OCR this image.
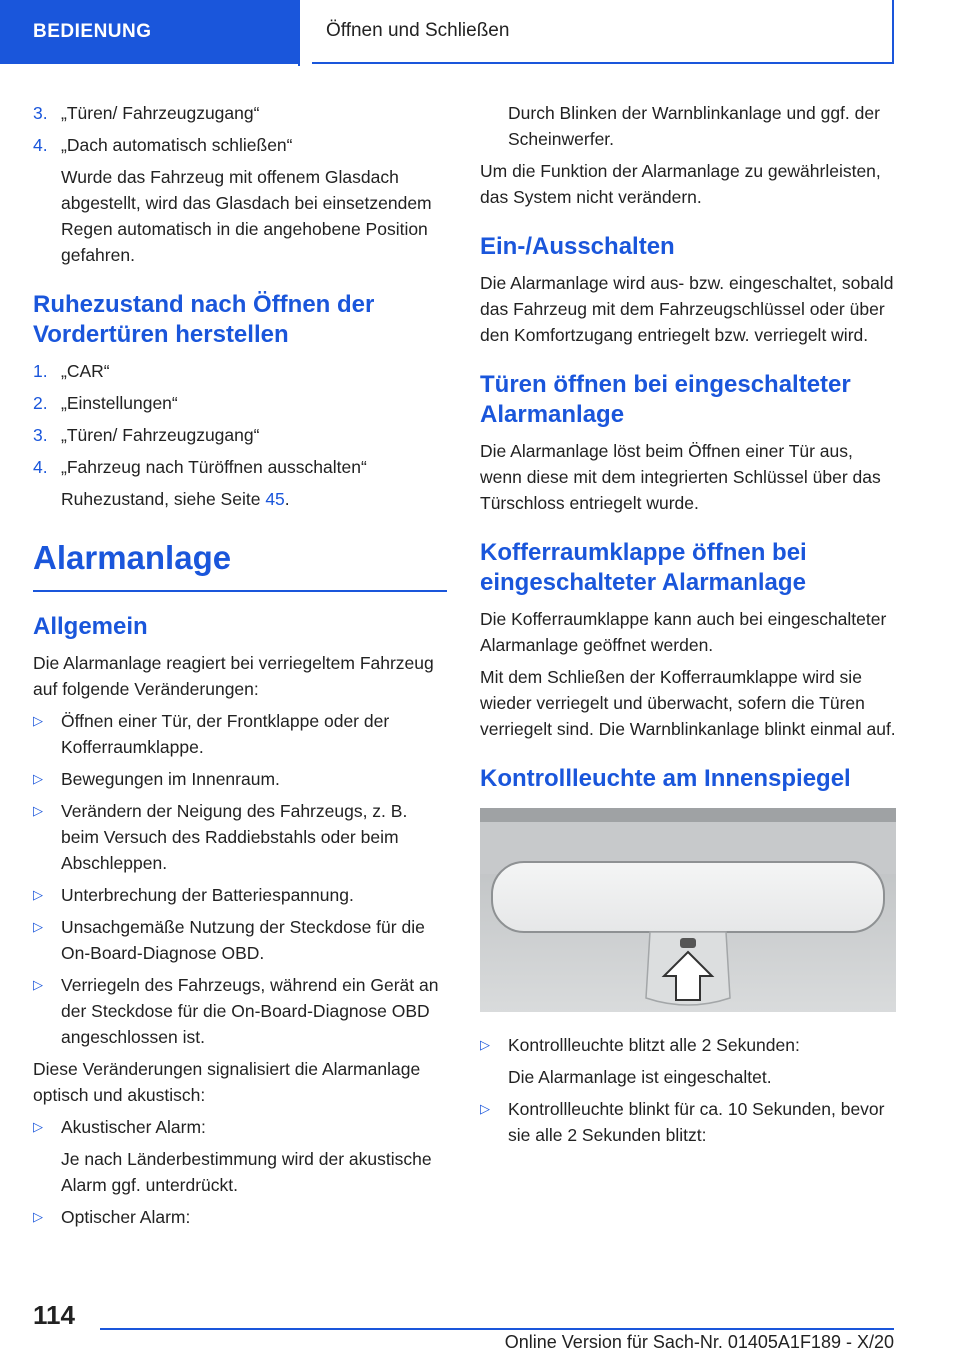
BEDIENUNG	Öffnen und Schließen
3. „Türen/ Fahrzeugzugang“
4. „Dach automatisch schließen“
Wurde das Fahrzeug mit offenem Glasdach abgestellt, wird das Glasdach bei einsetzendem Regen automatisch in die angehobene Position gefahren.
Ruhezustand nach Öffnen der Vordertüren herstellen
1. „CAR“
2. „Einstellungen“
3. „Türen/ Fahrzeugzugang“
4. „Fahrzeug nach Türöffnen ausschalten“
Ruhezustand, siehe Seite 45.
Alarmanlage
Allgemein

Die Alarmanlage reagiert bei verriegeltem Fahrzeug auf folgende Veränderungen:

▷	Öffnen einer Tür, der Frontklappe oder der Kofferraumklappe.
▷	Bewegungen im Innenraum.
▷	Verändern der Neigung des Fahrzeugs, z. B. beim Versuch des Raddiebstahls oder beim Abschleppen.
▷	Unterbrechung der Batteriespannung.
▷	Unsachgemäße Nutzung der Steckdose für die On-Board-Diagnose OBD.
▷	Verriegeln des Fahrzeugs, während ein Gerät an der Steckdose für die On-Board-Diagnose OBD angeschlossen ist.

Diese Veränderungen signalisiert die Alarmanlage optisch und akustisch:

▷	Akustischer Alarm:
Je nach Länderbestimmung wird der akustische Alarm ggf. unterdrückt.
▷	Optischer Alarm:
Durch Blinken der Warnblinkanlage und ggf. der Scheinwerfer.

Um die Funktion der Alarmanlage zu gewährleisten, das System nicht verändern.

Ein-/Ausschalten

Die Alarmanlage wird aus- bzw. eingeschaltet, sobald das Fahrzeug mit dem Fahrzeugschlüssel oder über den Komfortzugang entriegelt bzw. verriegelt wird.

Türen öffnen bei eingeschalteter Alarmanlage

Die Alarmanlage löst beim Öffnen einer Tür aus, wenn diese mit dem integrierten Schlüssel über das Türschloss entriegelt wurde.

Kofferraumklappe öffnen bei eingeschalteter Alarmanlage

Die Kofferraumklappe kann auch bei eingeschalteter Alarmanlage geöffnet werden.

Mit dem Schließen der Kofferraumklappe wird sie wieder verriegelt und überwacht, sofern die Türen verriegelt sind. Die Warnblinkanlage blinkt einmal auf.

Kontrollleuchte am Innenspiegel
▷	Kontrollleuchte blitzt alle 2 Sekunden:
Die Alarmanlage ist eingeschaltet.
▷	Kontrollleuchte blinkt für ca. 10 Sekunden, bevor sie alle 2 Sekunden blitzt:
114
Online Version für Sach-Nr. 01405A1F189 - X/20
